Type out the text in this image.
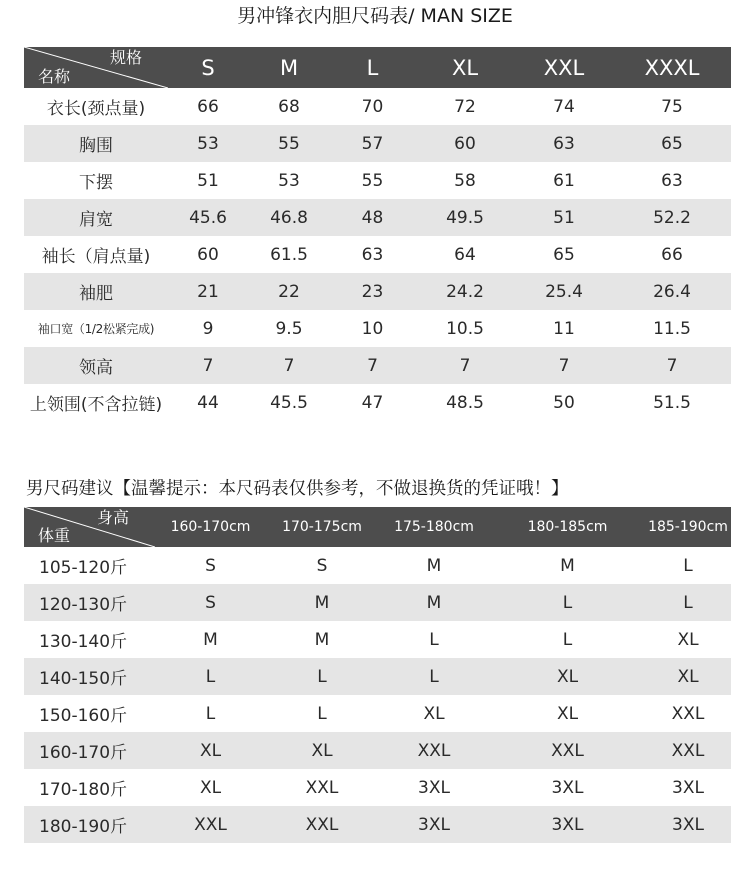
男冲锋衣内胆尺码表/ MAN SIZE
规格
名称	S	M	L	XL	XXL	XXXL
衣长(颈点量)	66	68	70	72	74	75
胸围	53	55	57	60	63	65
下摆	51	53	55	58	61	63
肩宽	45.6	46.8	48	49.5	51	52.2
袖长（肩点量)	60	61.5	63	64	65	66
袖肥	21	22	23	24.2	25.4	26.4
袖口宽（1/2松紧完成)	9	9.5	10	10.5	11	11.5
领高	7	7	7	7	7	7
上领围(不含拉链)	44	45.5	47	48.5	50	51.5
男尺码建议【温馨提示：本尺码表仅供参考，不做退换货的凭证哦！】
身高
体重	160-170cm	170-175cm	175-180cm	180-185cm	185-190cm
105-120斤	S	S	M	M	L
120-130斤	S	M	M	L	L
130-140斤	M	M	L	L	XL
140-150斤	L	L	L	XL	XL
150-160斤	L	L	XL	XL	XXL
160-170斤	XL	XL	XXL	XXL	XXL
170-180斤	XL	XXL	3XL	3XL	3XL
180-190斤	XXL	XXL	3XL	3XL	3XL
